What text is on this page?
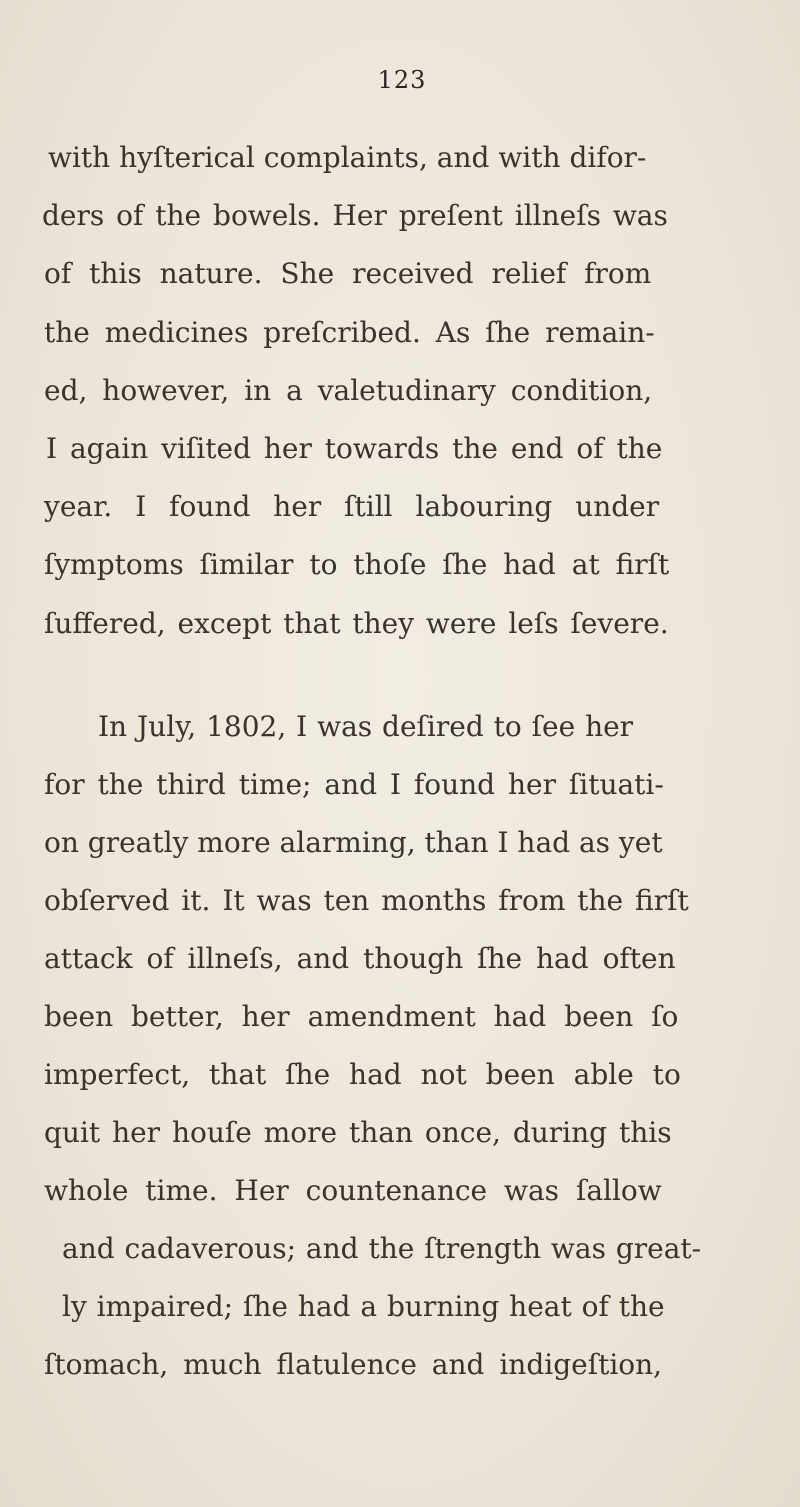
123
with hyſterical complaints, and with difor-
ders of the bowels. Her preſent illneſs was
of this nature. She received relief from
the medicines preſcribed. As ſhe remain-
ed, however, in a valetudinary condition,
I again viſited her towards the end of the
year. I found her ſtill labouring under
ſymptoms ſimilar to thoſe ſhe had at firſt
ſuffered, except that they were leſs ſevere.
In July, 1802, I was deſired to ſee her
for the third time; and I found her ſituati-
on greatly more alarming, than I had as yet
obſerved it. It was ten months from the firſt
attack of illneſs, and though ſhe had often
been better, her amendment had been ſo
imperfect, that ſhe had not been able to
quit her houſe more than once, during this
whole time. Her countenance was ſallow
and cadaverous; and the ſtrength was great-
ly impaired; ſhe had a burning heat of the
ſtomach, much flatulence and indigeſtion,
